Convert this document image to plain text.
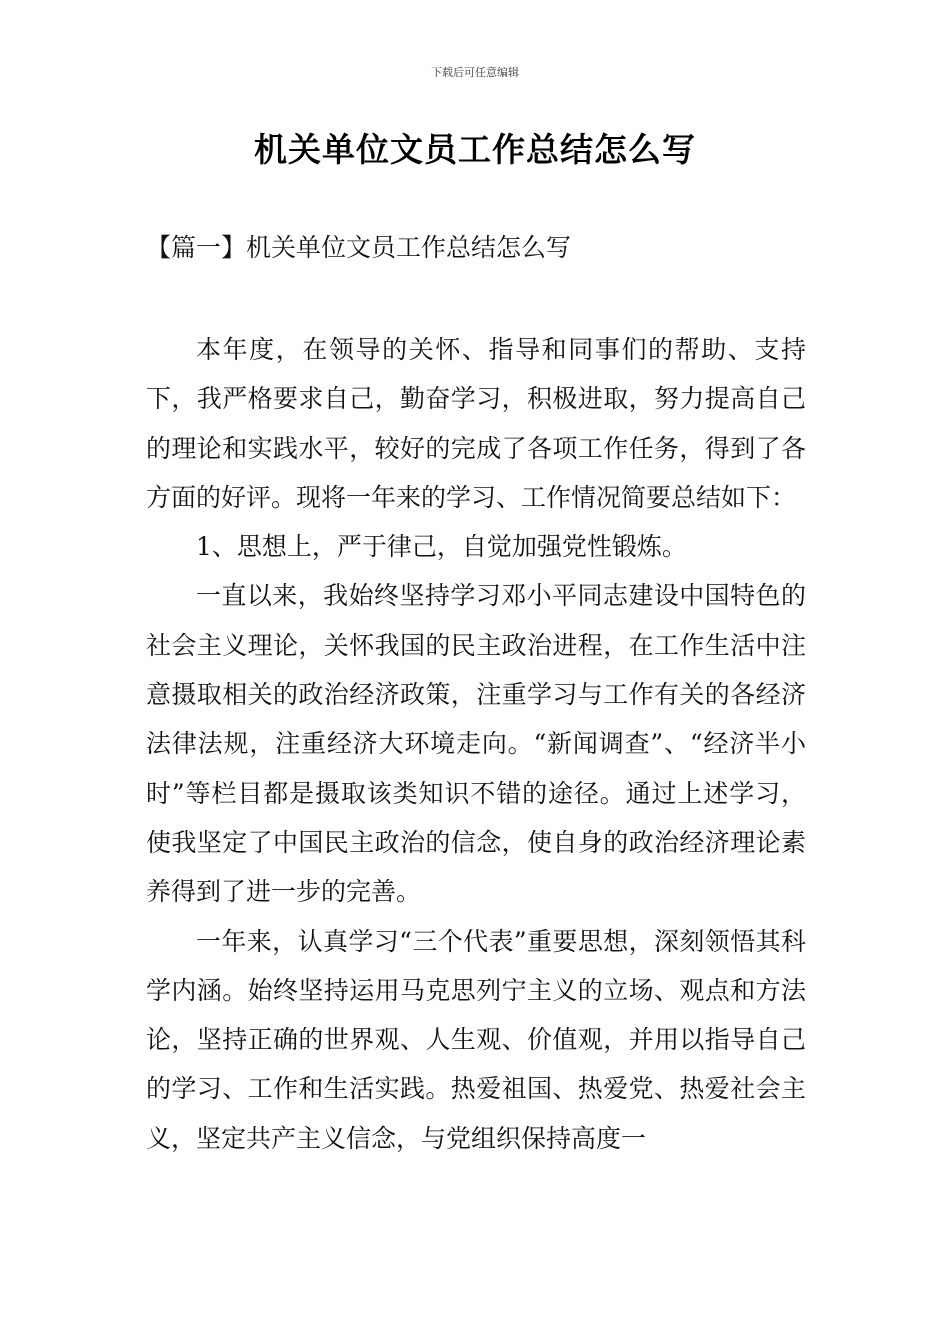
下载后可任意编辑
机关单位文员工作总结怎么写
【篇一】机关单位文员工作总结怎么写

本年度，在领导的关怀、指导和同事们的帮助、支持下，我严格要求自己，勤奋学习，积极进取，努力提高自己的理论和实践水平，较好的完成了各项工作任务，得到了各方面的好评。现将一年来的学习、工作情况简要总结如下：

1、思想上，严于律己，自觉加强党性锻炼。

一直以来，我始终坚持学习邓小平同志建设中国特色的社会主义理论，关怀我国的民主政治进程，在工作生活中注意摄取相关的政治经济政策，注重学习与工作有关的各经济法律法规，注重经济大环境走向。“新闻调查”、“经济半小时”等栏目都是摄取该类知识不错的途径。通过上述学习，使我坚定了中国民主政治的信念，使自身的政治经济理论素养得到了进一步的完善。

一年来，认真学习“三个代表”重要思想，深刻领悟其科学内涵。始终坚持运用马克思列宁主义的立场、观点和方法论，坚持正确的世界观、人生观、价值观，并用以指导自己的学习、工作和生活实践。热爱祖国、热爱党、热爱社会主义，坚定共产主义信念，与党组织保持高度一
